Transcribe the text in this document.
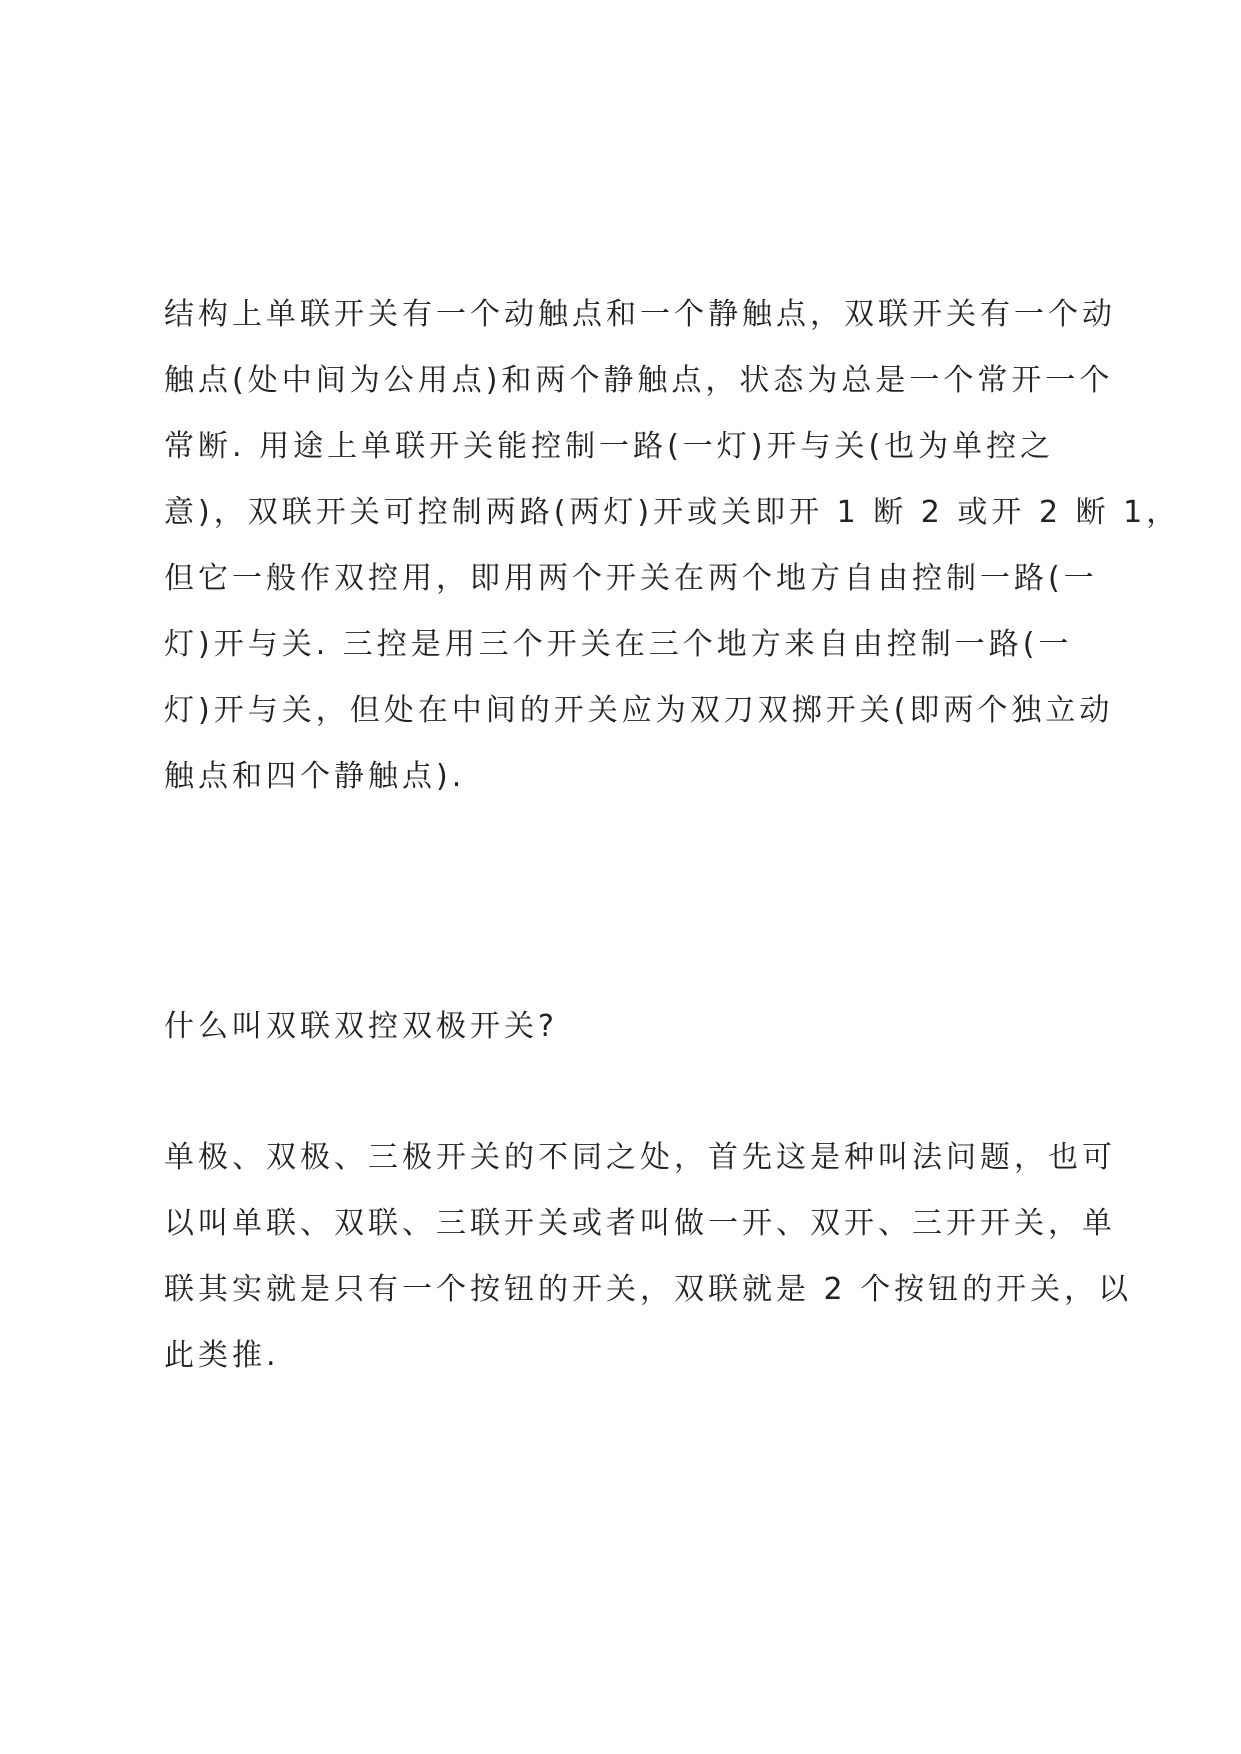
结构上单联开关有一个动触点和一个静触点，双联开关有一个动
触点(处中间为公用点)和两个静触点，状态为总是一个常开一个
常断. 用途上单联开关能控制一路(一灯)开与关(也为单控之
意)，双联开关可控制两路(两灯)开或关即开 1 断 2 或开 2 断 1，
但它一般作双控用，即用两个开关在两个地方自由控制一路(一
灯)开与关. 三控是用三个开关在三个地方来自由控制一路(一
灯)开与关，但处在中间的开关应为双刀双掷开关(即两个独立动
触点和四个静触点).
什么叫双联双控双极开关?
单极、双极、三极开关的不同之处，首先这是种叫法问题，也可
以叫单联、双联、三联开关或者叫做一开、双开、三开开关，单
联其实就是只有一个按钮的开关，双联就是 2 个按钮的开关，以
此类推.
